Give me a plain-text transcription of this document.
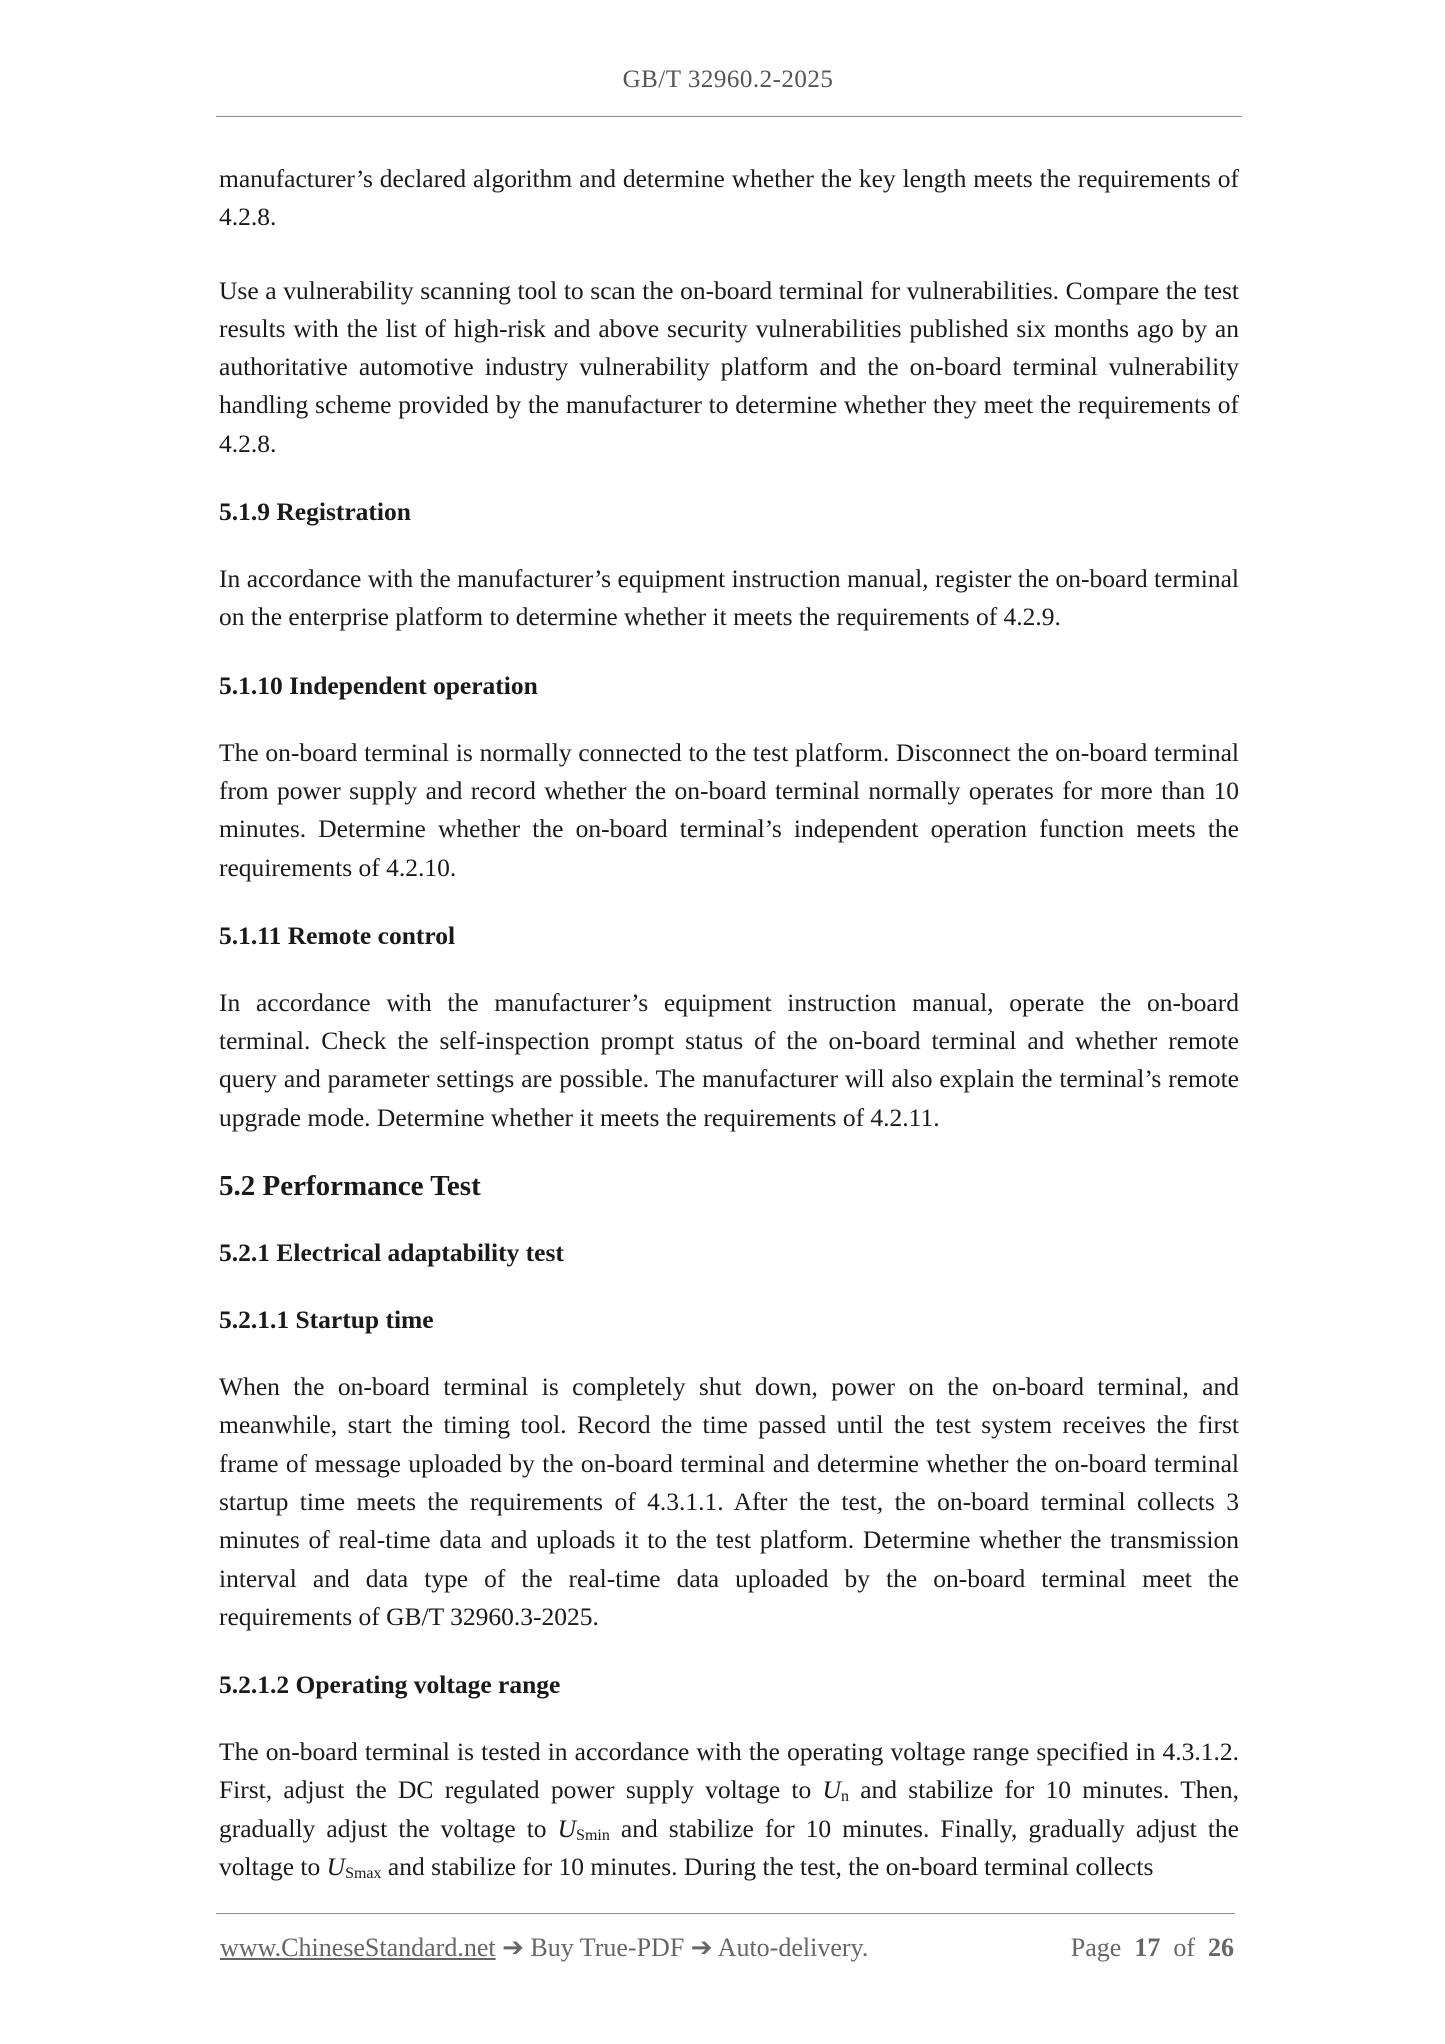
GB/T 32960.2-2025

manufacturer’s declared algorithm and determine whether the key length meets the requirements of 4.2.8.

Use a vulnerability scanning tool to scan the on-board terminal for vulnerabilities. Compare the test results with the list of high-risk and above security vulnerabilities published six months ago by an authoritative automotive industry vulnerability platform and the on-board terminal vulnerability handling scheme provided by the manufacturer to determine whether they meet the requirements of 4.2.8.

5.1.9 Registration

In accordance with the manufacturer’s equipment instruction manual, register the on-board terminal on the enterprise platform to determine whether it meets the requirements of 4.2.9.

5.1.10 Independent operation

The on-board terminal is normally connected to the test platform. Disconnect the on-board terminal from power supply and record whether the on-board terminal normally operates for more than 10 minutes. Determine whether the on-board terminal’s independent operation function meets the requirements of 4.2.10.

5.1.11 Remote control

In accordance with the manufacturer’s equipment instruction manual, operate the on-board terminal. Check the self-inspection prompt status of the on-board terminal and whether remote query and parameter settings are possible. The manufacturer will also explain the terminal’s remote upgrade mode. Determine whether it meets the requirements of 4.2.11.

5.2 Performance Test

5.2.1 Electrical adaptability test

5.2.1.1 Startup time

When the on-board terminal is completely shut down, power on the on-board terminal, and meanwhile, start the timing tool. Record the time passed until the test system receives the first frame of message uploaded by the on-board terminal and determine whether the on-board terminal startup time meets the requirements of 4.3.1.1. After the test, the on-board terminal collects 3 minutes of real-time data and uploads it to the test platform. Determine whether the transmission interval and data type of the real-time data uploaded by the on-board terminal meet the requirements of GB/T 32960.3-2025.

5.2.1.2 Operating voltage range

The on-board terminal is tested in accordance with the operating voltage range specified in 4.3.1.2. First, adjust the DC regulated power supply voltage to Un and stabilize for 10 minutes. Then, gradually adjust the voltage to USmin and stabilize for 10 minutes. Finally, gradually adjust the voltage to USmax and stabilize for 10 minutes. During the test, the on-board terminal collects

www.ChineseStandard.net ➔ Buy True-PDF ➔ Auto-delivery.	Page 17 of 26
